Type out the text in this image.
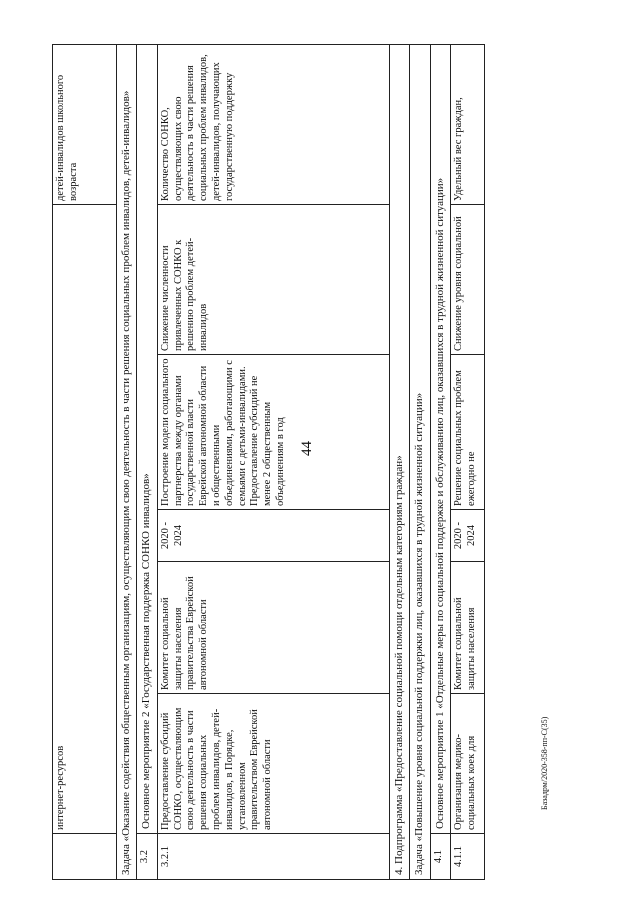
44
Базадрм/2020-358-пп-С(35)
	интернет-ресурсов					детей-инвалидов школьного возраста
Задача «Оказание содействия общественным организациям, осуществляющим свою деятельность в части решения социальных проблем инвалидов, детей-инвалидов»						
3.2	Основное мероприятие 2 «Государственная поддержка СОНКО инвалидов»					
3.2.1	Предоставление субсидий СОНКО, осуществляющим свою деятельность в части решения социальных проблем инвалидов, детей-инвалидов, в Порядке, установленном правительством Еврейской автономной области	Комитет социальной защиты населения правительства Еврейской автономной области	2020 - 2024	Построение модели социального партнерства между органами государственной власти Еврейской автономной области и общественными объединениями, работающими с семьями с детьми-инвалидами. Предоставление субсидий не менее 2 общественным объединениям в год	Снижение численности привлеченных СОНКО к решению проблем детей-инвалидов	Количество СОНКО, осуществляющих свою деятельность в части решения социальных проблем инвалидов, детей-инвалидов, получающих государственную поддержку
4. Подпрограмма «Предоставление социальной помощи отдельным категориям граждан»						
Задача «Повышение уровня социальной поддержки лиц, оказавшихся в трудной жизненной ситуации»						
4.1	Основное мероприятие 1 «Отдельные меры по социальной поддержке и обслуживанию лиц, оказавшихся в трудной жизненной ситуации»					
4.1.1	Организация медико-социальных коек для	Комитет социальной защиты населения	2020 - 2024	Решение социальных проблем ежегодно не	Снижение уровня социальной	Удельный вес граждан,
